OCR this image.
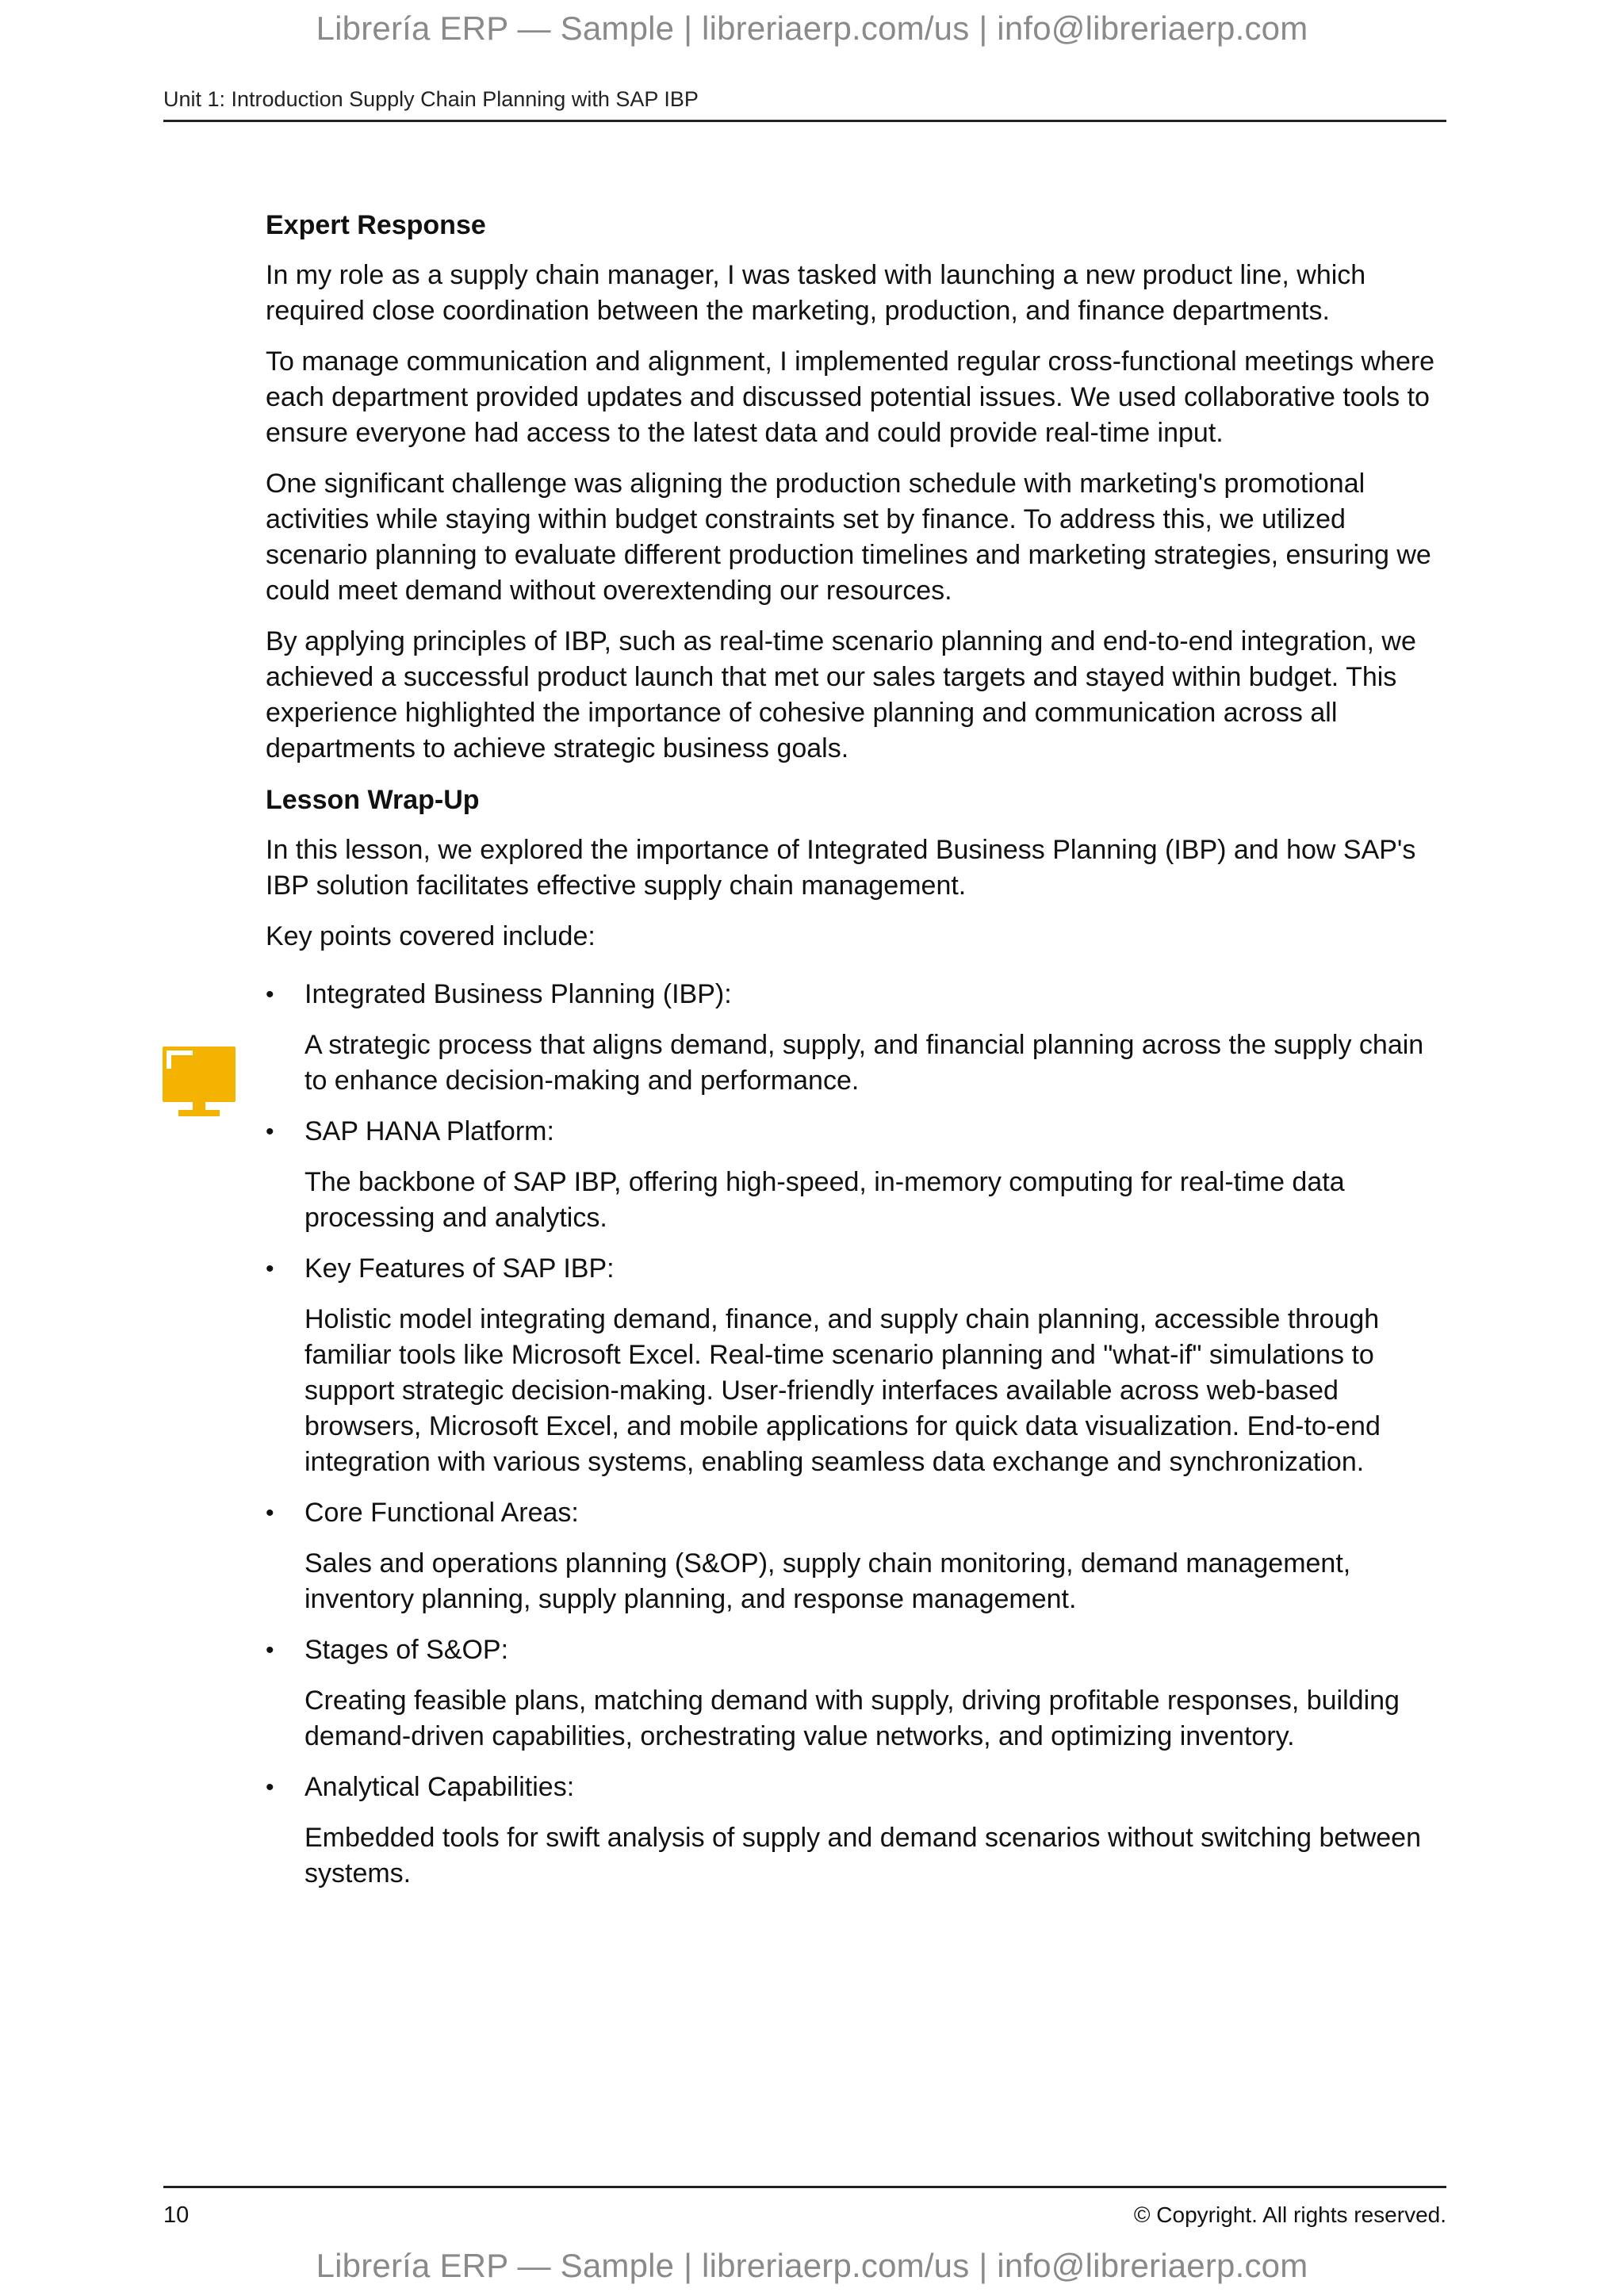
Librería ERP — Sample | libreriaerp.com/us | info@libreriaerp.com
Unit 1: Introduction Supply Chain Planning with SAP IBP
Expert Response

In my role as a supply chain manager, I was tasked with launching a new product line, which required close coordination between the marketing, production, and finance departments.

To manage communication and alignment, I implemented regular cross-functional meetings where each department provided updates and discussed potential issues. We used collaborative tools to ensure everyone had access to the latest data and could provide real-time input.

One significant challenge was aligning the production schedule with marketing's promotional activities while staying within budget constraints set by finance. To address this, we utilized scenario planning to evaluate different production timelines and marketing strategies, ensuring we could meet demand without overextending our resources.

By applying principles of IBP, such as real-time scenario planning and end-to-end integration, we achieved a successful product launch that met our sales targets and stayed within budget. This experience highlighted the importance of cohesive planning and communication across all departments to achieve strategic business goals.

Lesson Wrap-Up

In this lesson, we explored the importance of Integrated Business Planning (IBP) and how SAP's IBP solution facilitates effective supply chain management.

Key points covered include:

•	Integrated Business Planning (IBP):

A strategic process that aligns demand, supply, and financial planning across the supply chain to enhance decision-making and performance.

•	SAP HANA Platform:

The backbone of SAP IBP, offering high-speed, in-memory computing for real-time data processing and analytics.

•	Key Features of SAP IBP:

Holistic model integrating demand, finance, and supply chain planning, accessible through familiar tools like Microsoft Excel. Real-time scenario planning and "what-if" simulations to support strategic decision-making. User-friendly interfaces available across web-based browsers, Microsoft Excel, and mobile applications for quick data visualization. End-to-end integration with various systems, enabling seamless data exchange and synchronization.

•	Core Functional Areas:

Sales and operations planning (S&OP), supply chain monitoring, demand management, inventory planning, supply planning, and response management.

•	Stages of S&OP:

Creating feasible plans, matching demand with supply, driving profitable responses, building demand-driven capabilities, orchestrating value networks, and optimizing inventory.

•	Analytical Capabilities:

Embedded tools for swift analysis of supply and demand scenarios without switching between systems.

10	© Copyright. All rights reserved.
Librería ERP — Sample | libreriaerp.com/us | info@libreriaerp.com
